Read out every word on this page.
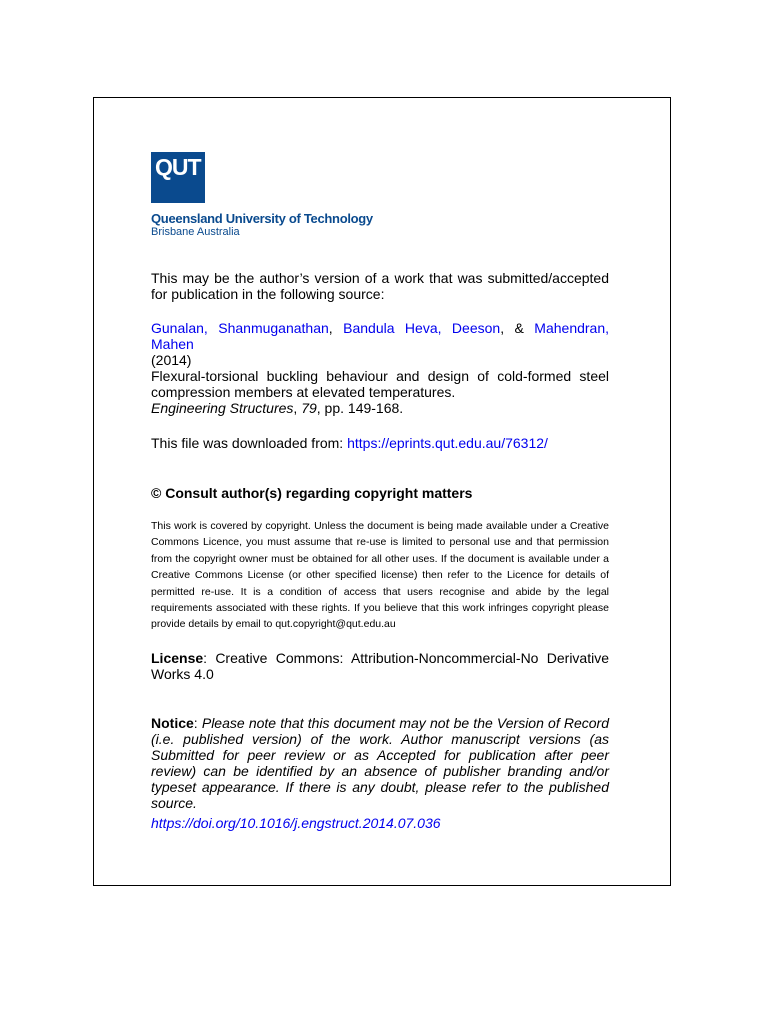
QUT
Queensland University of Technology
Brisbane Australia

This may be the author’s version of a work that was submitted/accepted for publication in the following source:

Gunalan, Shanmuganathan, Bandula Heva, Deeson, & Mahendran, Mahen

(2014)

Flexural-torsional buckling behaviour and design of cold-formed steel compression members at elevated temperatures.

Engineering Structures, 79, pp. 149-168.

This file was downloaded from: https://eprints.qut.edu.au/76312/

© Consult author(s) regarding copyright matters

This work is covered by copyright. Unless the document is being made available under a Creative Commons Licence, you must assume that re-use is limited to personal use and that permission from the copyright owner must be obtained for all other uses. If the document is available under a Creative Commons License (or other specified license) then refer to the Licence for details of permitted re-use. It is a condition of access that users recognise and abide by the legal requirements associated with these rights. If you believe that this work infringes copyright please provide details by email to qut.copyright@qut.edu.au

License: Creative Commons: Attribution-Noncommercial-No Derivative Works 4.0

Notice: Please note that this document may not be the Version of Record (i.e. published version) of the work. Author manuscript versions (as Submitted for peer review or as Accepted for publication after peer review) can be identified by an absence of publisher branding and/or typeset appearance. If there is any doubt, please refer to the published source.

https://doi.org/10.1016/j.engstruct.2014.07.036
